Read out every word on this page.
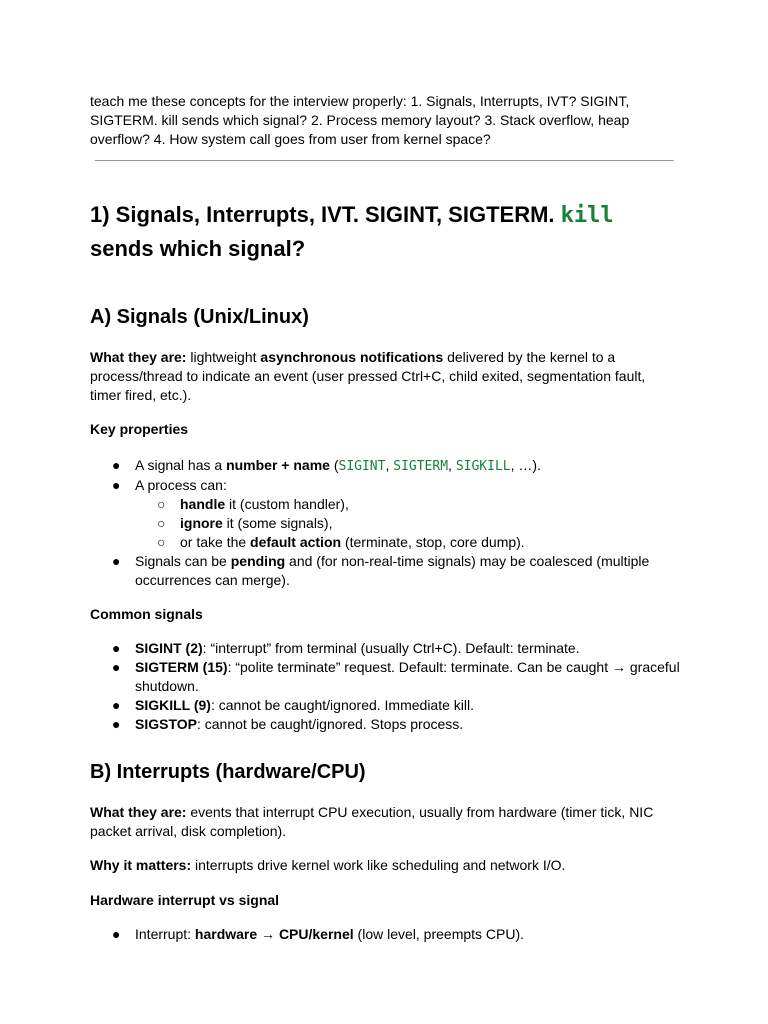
teach me these concepts for the interview properly: 1. Signals, Interrupts, IVT? SIGINT, SIGTERM. kill sends which signal? 2. Process memory layout? 3. Stack overflow, heap overflow? 4. How system call goes from user from kernel space?

1) Signals, Interrupts, IVT. SIGINT, SIGTERM. kill
sends which signal?
A) Signals (Unix/Linux)

What they are: lightweight asynchronous notifications delivered by the kernel to a process/thread to indicate an event (user pressed Ctrl+C, child exited, segmentation fault, timer fired, etc.).

Key properties

●	A signal has a number + name (SIGINT, SIGTERM, SIGKILL, …).
●	A process can:
○ handle it (custom handler),
○ ignore it (some signals),
○ or take the default action (terminate, stop, core dump).
●	Signals can be pending and (for non-real-time signals) may be coalesced (multiple occurrences can merge).

Common signals

●	SIGINT (2): “interrupt” from terminal (usually Ctrl+C). Default: terminate.
●	SIGTERM (15): “polite terminate” request. Default: terminate. Can be caught → graceful shutdown.
●	SIGKILL (9): cannot be caught/ignored. Immediate kill.
●	SIGSTOP: cannot be caught/ignored. Stops process.
B) Interrupts (hardware/CPU)

What they are: events that interrupt CPU execution, usually from hardware (timer tick, NIC packet arrival, disk completion).

Why it matters: interrupts drive kernel work like scheduling and network I/O.

Hardware interrupt vs signal

●	Interrupt: hardware → CPU/kernel (low level, preempts CPU).
